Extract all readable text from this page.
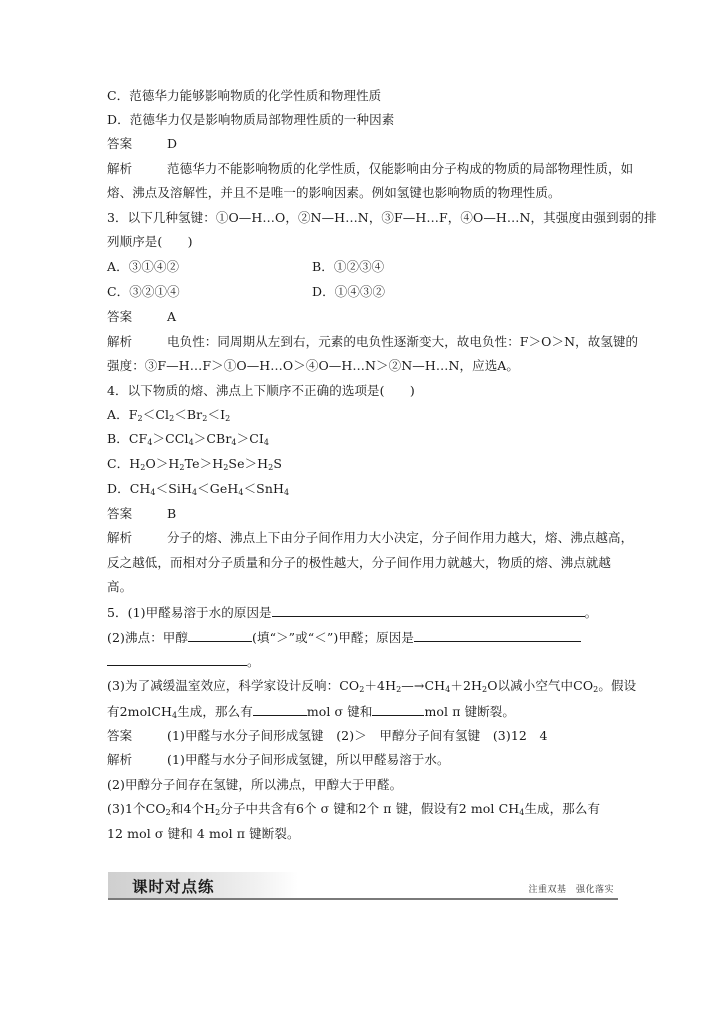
C．范德华力能够影响物质的化学性质和物理性质
D．范德华力仅是影响物质局部物理性质的一种因素
答案	D
解析	范德华力不能影响物质的化学性质，仅能影响由分子构成的物质的局部物理性质，如
熔、沸点及溶解性，并且不是唯一的影响因素。例如氢键也影响物质的物理性质。
3．以下几种氢键：①O—H…O，②N—H…N，③F—H…F，④O—H…N，其强度由强到弱的排
列顺序是(　　)
A．③①④②	B．①②③④
C．③②①④	D．①④③②
答案	A
解析	电负性：同周期从左到右，元素的电负性逐渐变大，故电负性：F＞O＞N，故氢键的
强度：③F—H…F＞①O—H…O＞④O—H…N＞②N—H…N，应选A。
4．以下物质的熔、沸点上下顺序不正确的选项是(　　)
A．$F_2<Cl_2<Br_2<I_2$
B．$CF_4>CCl_4>CBr_4>CI_4$
C．$H_2O>H_2Te>H_2Se>H_2S$
D．$CH_4<SiH_4<GeH_4<SnH_4$
答案	B
解析	分子的熔、沸点上下由分子间作用力大小决定，分子间作用力越大，熔、沸点越高，
反之越低，而相对分子质量和分子的极性越大，分子间作用力就越大，物质的熔、沸点就越
高。
5．(1)甲醛易溶于水的原因是	。
(2)沸点：甲醇	(填“＞”或“＜”)甲醛；原因是
。
(3)为了减缓温室效应，科学家设计反响：$CO_2+4H_2—\to CH_4+2H_2O$以减小空气中$CO_2$。假设
有2molCH$_4$生成，那么有	mol σ 键和	mol π 键断裂。
答案	(1)甲醛与水分子间形成氢键　(2)＞　甲醇分子间有氢键　(3)12　4
解析	(1)甲醛与水分子间形成氢键，所以甲醛易溶于水。
(2)甲醇分子间存在氢键，所以沸点，甲醇大于甲醛。
(3)1个$CO_2$和4个$H_2$分子中共含有6个 σ 键和2个 π 键，假设有2 mol $CH_4$生成，那么有
12 mol σ 键和 4 mol π 键断裂。
课时对点练	注重双基　强化落实
